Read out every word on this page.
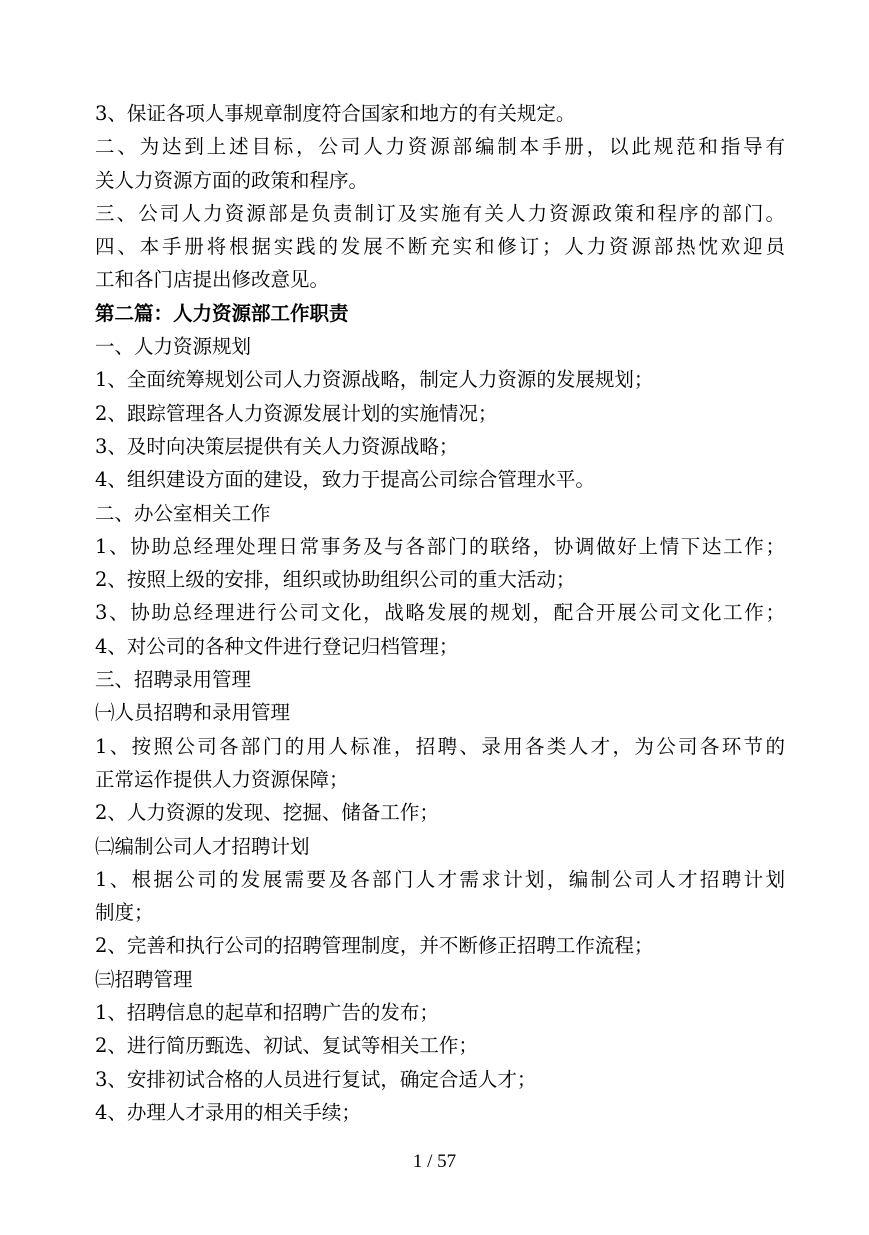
3、保证各项人事规章制度符合国家和地方的有关规定。
二、为达到上述目标，公司人力资源部编制本手册，以此规范和指导有
关人力资源方面的政策和程序。
三、公司人力资源部是负责制订及实施有关人力资源政策和程序的部门。
四、本手册将根据实践的发展不断充实和修订；人力资源部热忱欢迎员
工和各门店提出修改意见。
第二篇：人力资源部工作职责
一、人力资源规划
1、全面统筹规划公司人力资源战略，制定人力资源的发展规划；
2、跟踪管理各人力资源发展计划的实施情况；
3、及时向决策层提供有关人力资源战略；
4、组织建设方面的建设，致力于提高公司综合管理水平。
二、办公室相关工作
1、协助总经理处理日常事务及与各部门的联络，协调做好上情下达工作；
2、按照上级的安排，组织或协助组织公司的重大活动；
3、协助总经理进行公司文化，战略发展的规划，配合开展公司文化工作；
4、对公司的各种文件进行登记归档管理；
三、招聘录用管理
㈠人员招聘和录用管理
1、按照公司各部门的用人标准，招聘、录用各类人才，为公司各环节的
正常运作提供人力资源保障；
2、人力资源的发现、挖掘、储备工作；
㈡编制公司人才招聘计划
1、根据公司的发展需要及各部门人才需求计划，编制公司人才招聘计划
制度；
2、完善和执行公司的招聘管理制度，并不断修正招聘工作流程；
㈢招聘管理
1、招聘信息的起草和招聘广告的发布；
2、进行简历甄选、初试、复试等相关工作；
3、安排初试合格的人员进行复试，确定合适人才；
4、办理人才录用的相关手续；
1 / 57
